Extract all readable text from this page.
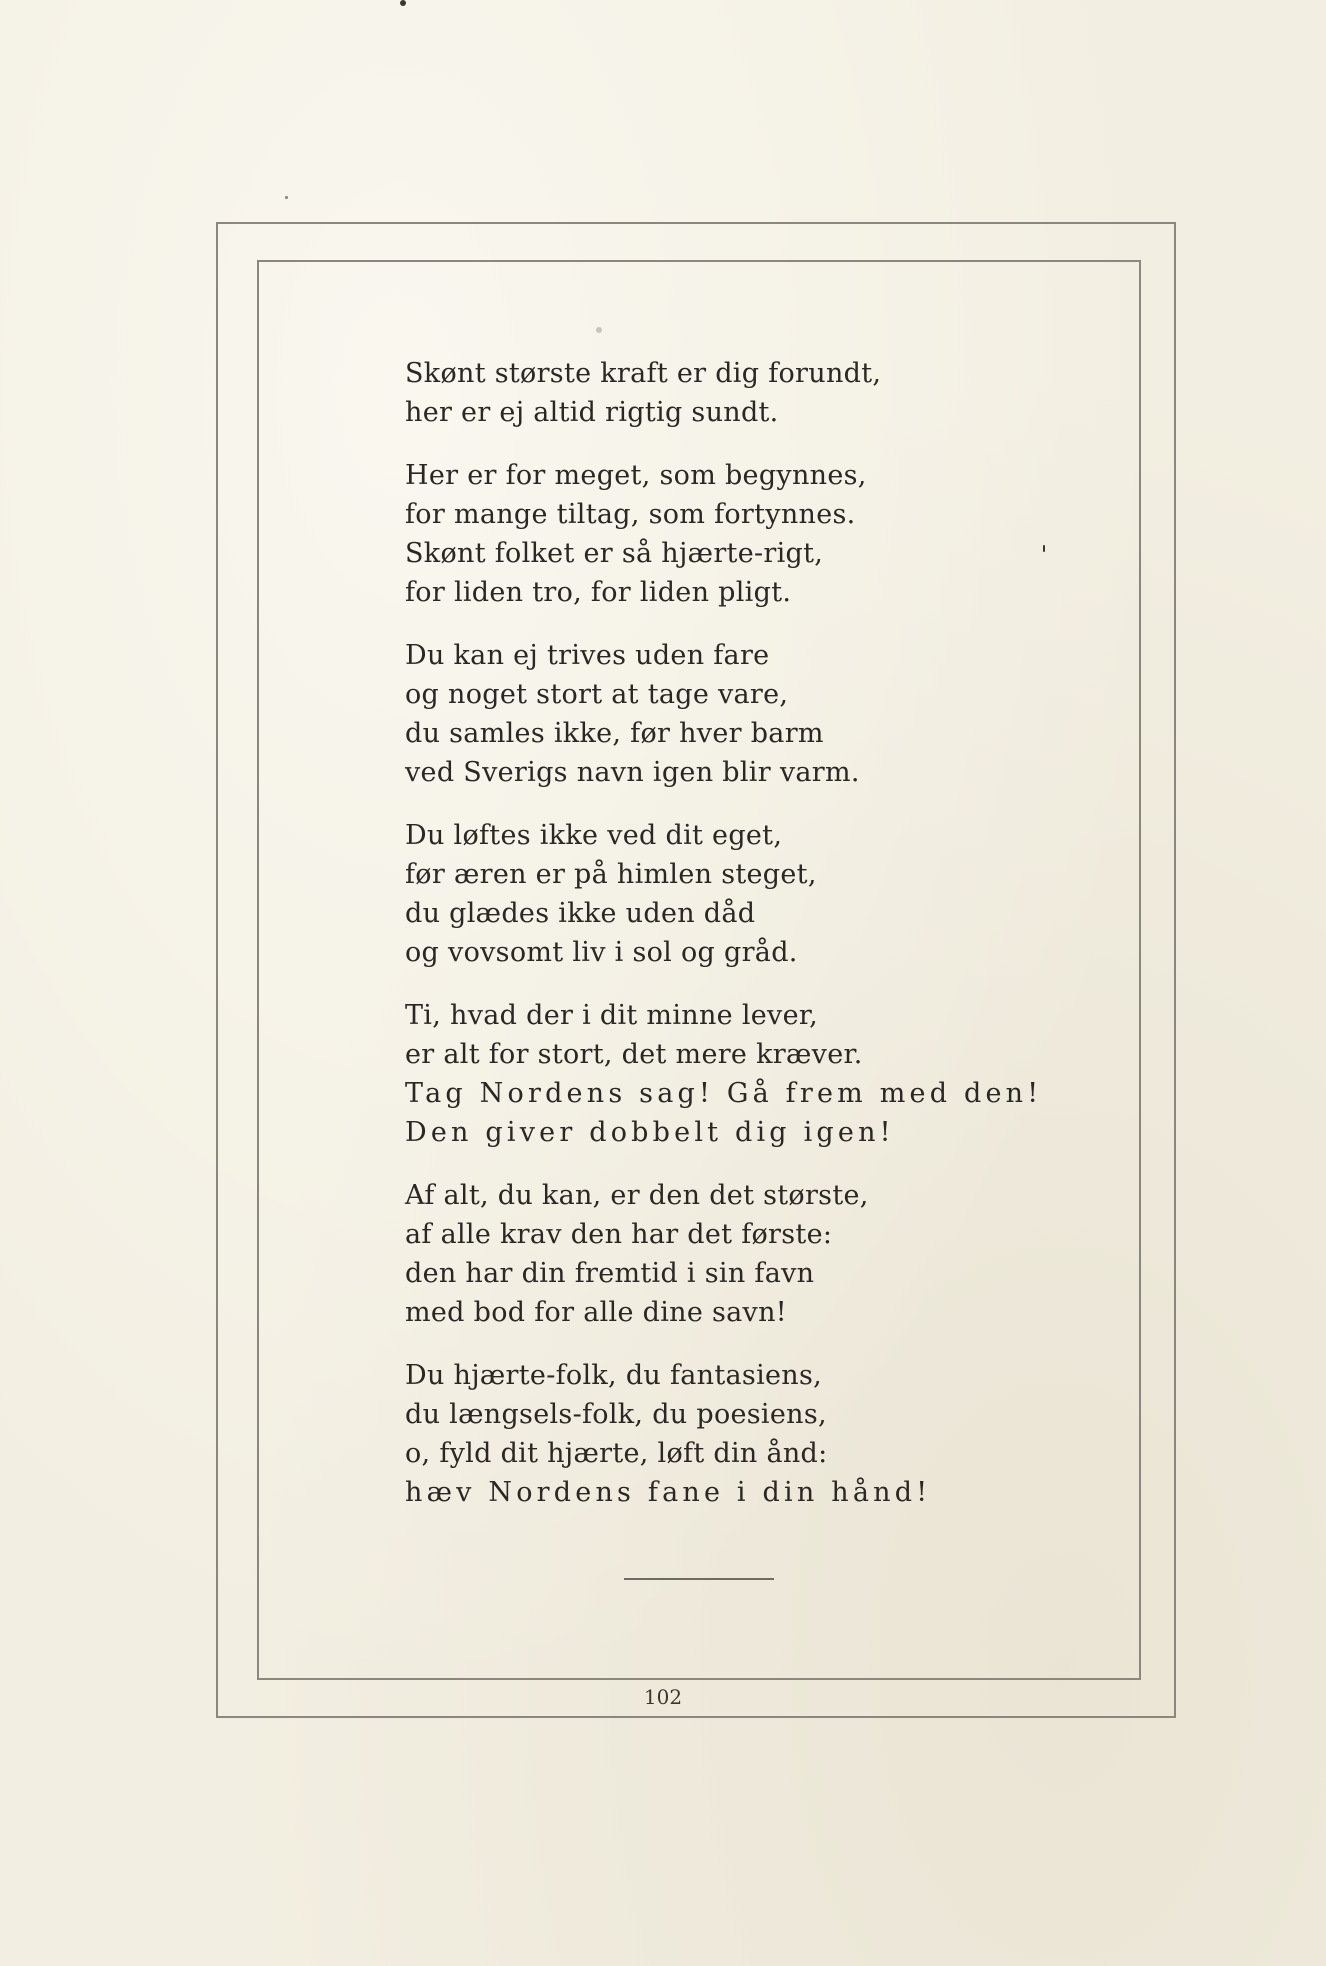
Skønt største kraft er dig forundt,
her er ej altid rigtig sundt.
Her er for meget, som begynnes,
for mange tiltag, som fortynnes.
Skønt folket er så hjærte-rigt,
for liden tro, for liden pligt.
Du kan ej trives uden fare
og noget stort at tage vare,
du samles ikke, før hver barm
ved Sverigs navn igen blir varm.
Du løftes ikke ved dit eget,
før æren er på himlen steget,
du glædes ikke uden dåd
og vovsomt liv i sol og gråd.
Ti, hvad der i dit minne lever,
er alt for stort, det mere kræver.
Tag Nordens sag! Gå frem med den!
Den giver dobbelt dig igen!
Af alt, du kan, er den det største,
af alle krav den har det første:
den har din fremtid i sin favn
med bod for alle dine savn!
Du hjærte-folk, du fantasiens,
du længsels-folk, du poesiens,
o, fyld dit hjærte, løft din ånd:
hæv Nordens fane i din hånd!
102
